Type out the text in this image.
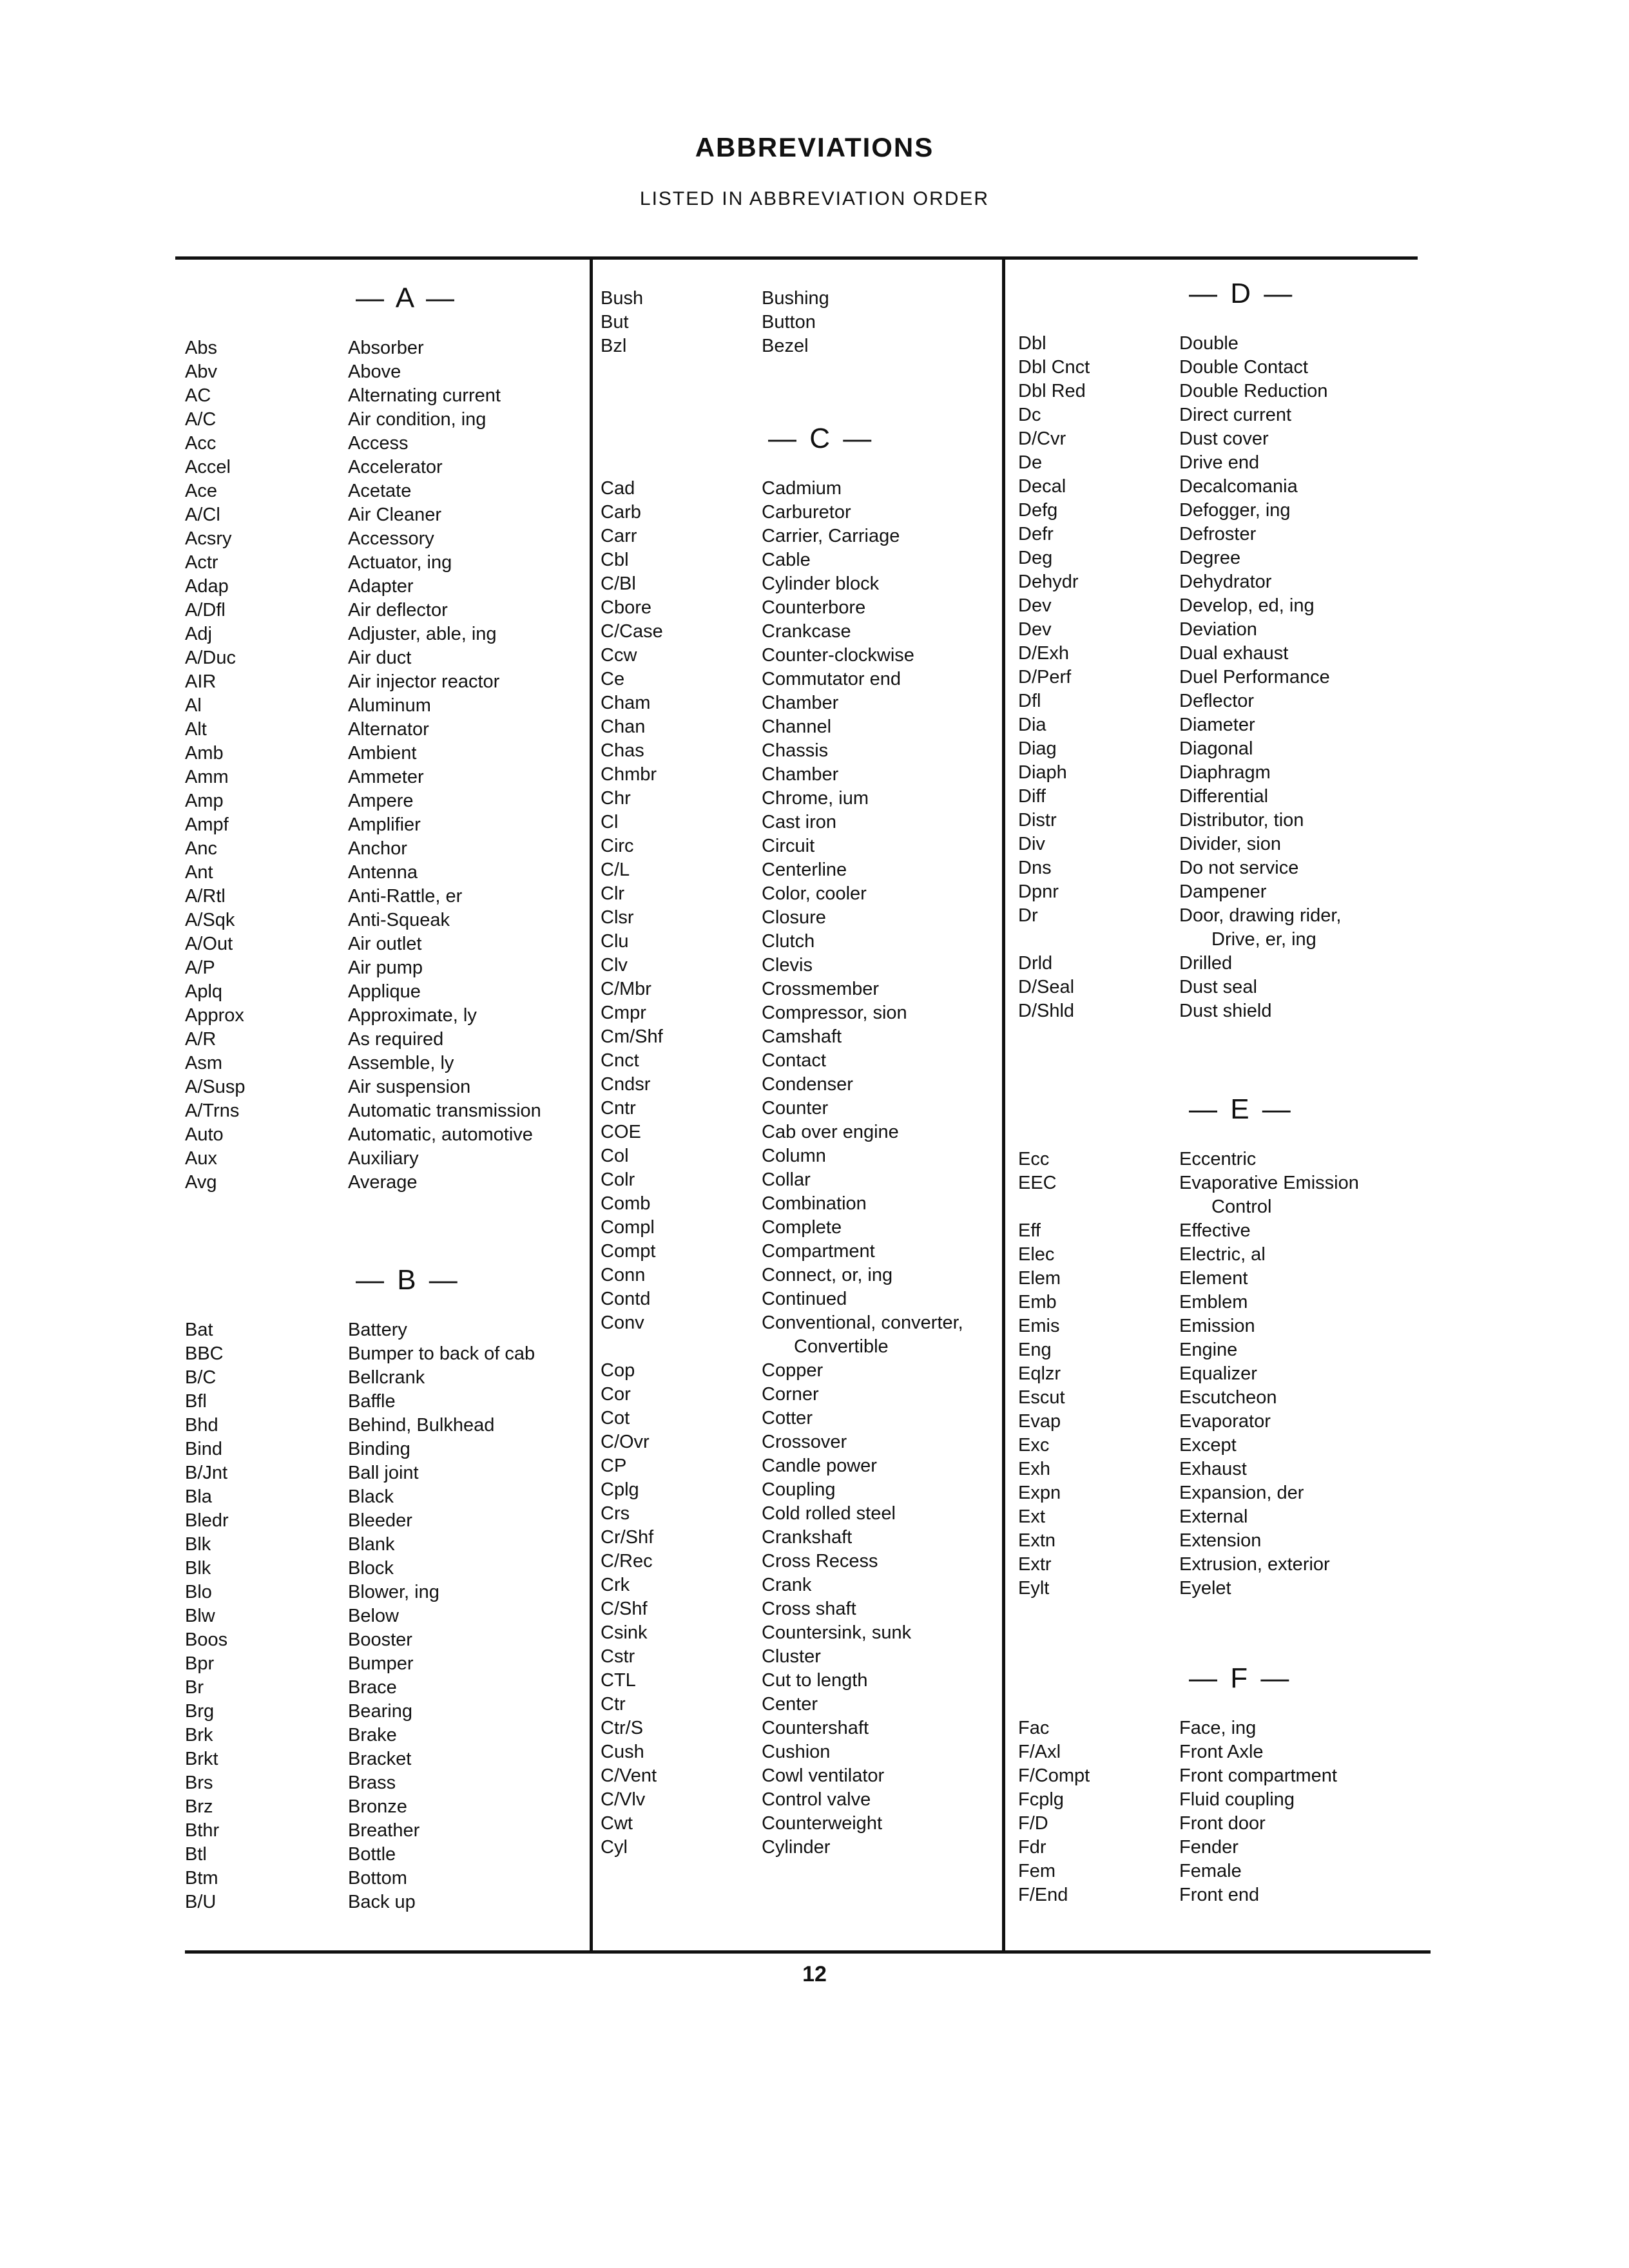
ABBREVIATIONS
LISTED IN ABBREVIATION ORDER
— A —
Abs	Absorber
Abv	Above
AC	Alternating current
A/C	Air condition, ing
Acc	Access
Accel	Accelerator
Ace	Acetate
A/Cl	Air Cleaner
Acsry	Accessory
Actr	Actuator, ing
Adap	Adapter
A/Dfl	Air deflector
Adj	Adjuster, able, ing
A/Duc	Air duct
AIR	Air injector reactor
Al	Aluminum
Alt	Alternator
Amb	Ambient
Amm	Ammeter
Amp	Ampere
Ampf	Amplifier
Anc	Anchor
Ant	Antenna
A/Rtl	Anti-Rattle, er
A/Sqk	Anti-Squeak
A/Out	Air outlet
A/P	Air pump
Aplq	Applique
Approx	Approximate, ly
A/R	As required
Asm	Assemble, ly
A/Susp	Air suspension
A/Trns	Automatic transmission
Auto	Automatic, automotive
Aux	Auxiliary
Avg	Average
— B —
Bat	Battery
BBC	Bumper to back of cab
B/C	Bellcrank
Bfl	Baffle
Bhd	Behind, Bulkhead
Bind	Binding
B/Jnt	Ball joint
Bla	Black
Bledr	Bleeder
Blk	Blank
Blk	Block
Blo	Blower, ing
Blw	Below
Boos	Booster
Bpr	Bumper
Br	Brace
Brg	Bearing
Brk	Brake
Brkt	Bracket
Brs	Brass
Brz	Bronze
Bthr	Breather
Btl	Bottle
Btm	Bottom
B/U	Back up
Bush	Bushing
But	Button
Bzl	Bezel
— C —
Cad	Cadmium
Carb	Carburetor
Carr	Carrier, Carriage
Cbl	Cable
C/Bl	Cylinder block
Cbore	Counterbore
C/Case	Crankcase
Ccw	Counter-clockwise
Ce	Commutator end
Cham	Chamber
Chan	Channel
Chas	Chassis
Chmbr	Chamber
Chr	Chrome, ium
Cl	Cast iron
Circ	Circuit
C/L	Centerline
Clr	Color, cooler
Clsr	Closure
Clu	Clutch
Clv	Clevis
C/Mbr	Crossmember
Cmpr	Compressor, sion
Cm/Shf	Camshaft
Cnct	Contact
Cndsr	Condenser
Cntr	Counter
COE	Cab over engine
Col	Column
Colr	Collar
Comb	Combination
Compl	Complete
Compt	Compartment
Conn	Connect, or, ing
Contd	Continued
Conv	Conventional, converter,
Convertible
Cop	Copper
Cor	Corner
Cot	Cotter
C/Ovr	Crossover
CP	Candle power
Cplg	Coupling
Crs	Cold rolled steel
Cr/Shf	Crankshaft
C/Rec	Cross Recess
Crk	Crank
C/Shf	Cross shaft
Csink	Countersink, sunk
Cstr	Cluster
CTL	Cut to length
Ctr	Center
Ctr/S	Countershaft
Cush	Cushion
C/Vent	Cowl ventilator
C/Vlv	Control valve
Cwt	Counterweight
Cyl	Cylinder
— D —
Dbl	Double
Dbl Cnct	Double Contact
Dbl Red	Double Reduction
Dc	Direct current
D/Cvr	Dust cover
De	Drive end
Decal	Decalcomania
Defg	Defogger, ing
Defr	Defroster
Deg	Degree
Dehydr	Dehydrator
Dev	Develop, ed, ing
Dev	Deviation
D/Exh	Dual exhaust
D/Perf	Duel Performance
Dfl	Deflector
Dia	Diameter
Diag	Diagonal
Diaph	Diaphragm
Diff	Differential
Distr	Distributor, tion
Div	Divider, sion
Dns	Do not service
Dpnr	Dampener
Dr	Door, drawing rider,
Drive, er, ing
Drld	Drilled
D/Seal	Dust seal
D/Shld	Dust shield
— E —
Ecc	Eccentric
EEC	Evaporative Emission
Control
Eff	Effective
Elec	Electric, al
Elem	Element
Emb	Emblem
Emis	Emission
Eng	Engine
Eqlzr	Equalizer
Escut	Escutcheon
Evap	Evaporator
Exc	Except
Exh	Exhaust
Expn	Expansion, der
Ext	External
Extn	Extension
Extr	Extrusion, exterior
Eylt	Eyelet
— F —
Fac	Face, ing
F/Axl	Front Axle
F/Compt	Front compartment
Fcplg	Fluid coupling
F/D	Front door
Fdr	Fender
Fem	Female
F/End	Front end
12
